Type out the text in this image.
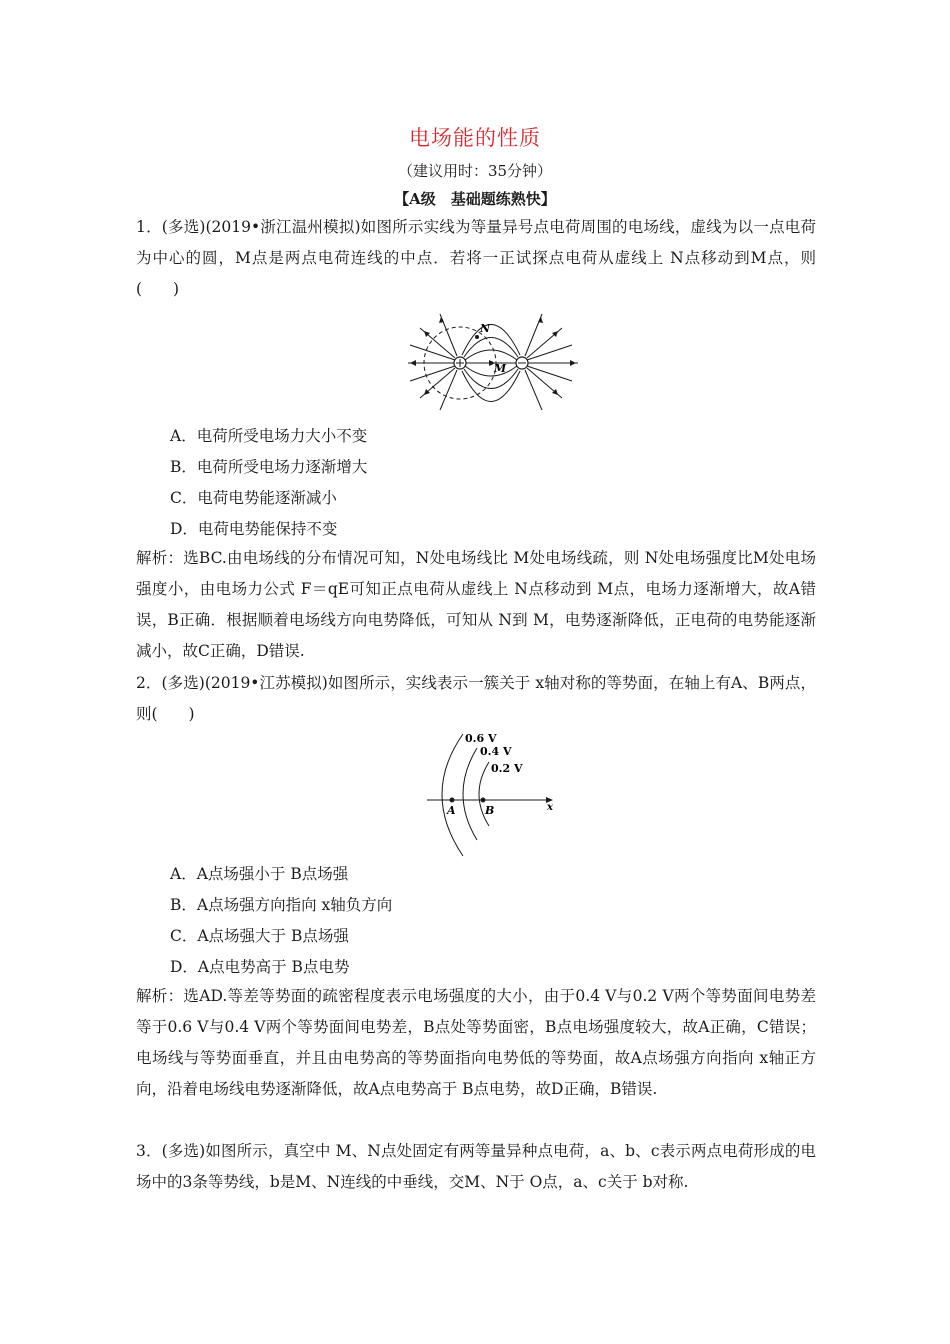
电场能的性质
（建议用时：35分钟）
【A级　基础题练熟快】
1．(多选)(2019•浙江温州模拟)如图所示实线为等量异号点电荷周围的电场线，虚线为以一点电荷为中心的圆，M点是两点电荷连线的中点．若将一正试探点电荷从虚线上 N点移动到M点，则(　　)
N
M
A．电荷所受电场力大小不变
B．电荷所受电场力逐渐增大
C．电荷电势能逐渐减小
D．电荷电势能保持不变
解析：选BC.由电场线的分布情况可知，N处电场线比 M处电场线疏，则 N处电场强度比M处电场强度小，由电场力公式 F＝qE可知正点电荷从虚线上 N点移动到 M点，电场力逐渐增大，故A错误，B正确．根据顺着电场线方向电势降低，可知从 N到 M，电势逐渐降低，正电荷的电势能逐渐减小，故C正确，D错误.
2．(多选)(2019•江苏模拟)如图所示，实线表示一簇关于 x轴对称的等势面，在轴上有A、B两点，则(　　)
0.6 V
0.4 V
0.2 V
A	B	x
A．A点场强小于 B点场强
B．A点场强方向指向 x轴负方向
C．A点场强大于 B点场强
D．A点电势高于 B点电势
解析：选AD.等差等势面的疏密程度表示电场强度的大小，由于0.4 V与0.2 V两个等势面间电势差等于0.6 V与0.4 V两个等势面间电势差，B点处等势面密，B点电场强度较大，故A正确，C错误；电场线与等势面垂直，并且由电势高的等势面指向电势低的等势面，故A点场强方向指向 x轴正方向，沿着电场线电势逐渐降低，故A点电势高于 B点电势，故D正确，B错误.
3．(多选)如图所示，真空中 M、N点处固定有两等量异种点电荷，a、b、c表示两点电荷形成的电场中的3条等势线，b是M、N连线的中垂线，交M、N于 O点，a、c关于 b对称.
